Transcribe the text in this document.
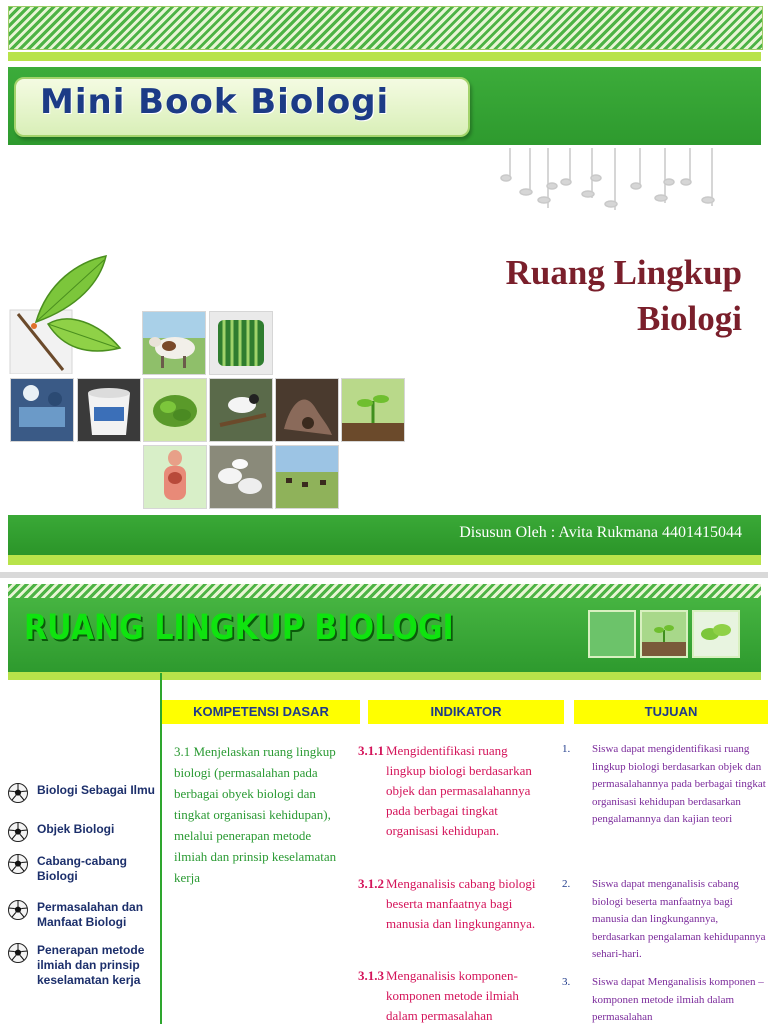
Mini Book Biologi
Ruang Lingkup
Biologi
Disusun Oleh : Avita Rukmana 4401415044
RUANG LINGKUP BIOLOGI
KOMPETENSI DASAR	INDIKATOR	TUJUAN
3.1 Menjelaskan ruang lingkup biologi (permasalahan pada berbagai obyek biologi dan tingkat organisasi kehidupan), melalui penerapan metode ilmiah dan prinsip keselamatan kerja
3.1.1 Mengidentifikasi ruang lingkup biologi berdasarkan objek dan permasalahannya pada berbagai tingkat organisasi kehidupan.
3.1.2 Menganalisis cabang biologi beserta manfaatnya bagi manusia dan lingkungannya.
3.1.3 Menganalisis komponen-komponen metode ilmiah dalam permasalahan
1. Siswa dapat mengidentifikasi ruang lingkup biologi berdasarkan objek dan permasalahannya pada berbagai tingkat organisasi kehidupan berdasarkan pengalamannya dan kajian teori
2. Siswa dapat menganalisis cabang biologi beserta manfaatnya bagi manusia dan lingkungannya, berdasarkan pengalaman kehidupannya sehari-hari.
3. Siswa dapat Menganalisis komponen – komponen metode ilmiah dalam permasalahan
Biologi Sebagai Ilmu
Objek Biologi
Cabang-cabang Biologi
Permasalahan dan Manfaat Biologi
Penerapan metode ilmiah dan prinsip keselamatan kerja
